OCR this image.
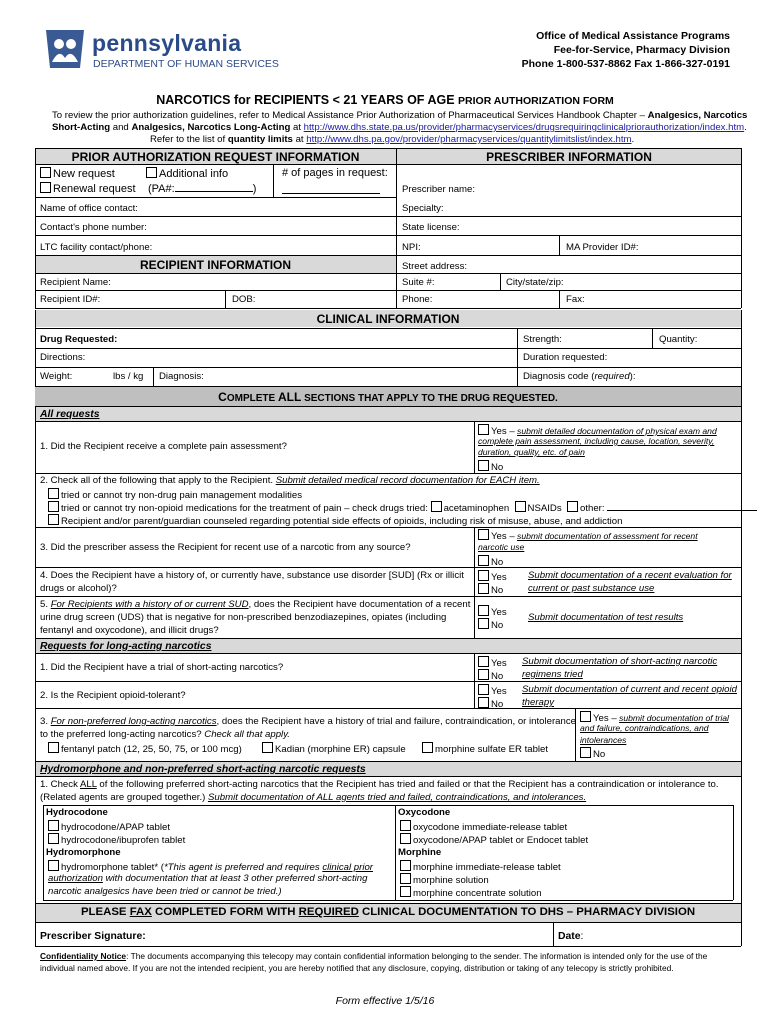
pennsylvania
DEPARTMENT OF HUMAN SERVICES
Office of Medical Assistance Programs
Fee-for-Service, Pharmacy Division
Phone 1-800-537-8862 Fax 1-866-327-0191
NARCOTICS for RECIPIENTS < 21 YEARS OF AGE PRIOR AUTHORIZATION FORM
To review the prior authorization guidelines, refer to Medical Assistance Prior Authorization of Pharmaceutical Services Handbook Chapter – Analgesics, Narcotics
Short-Acting and Analgesics, Narcotics Long-Acting at http://www.dhs.state.pa.us/provider/pharmacyservices/drugsrequiringclinicalpriorauthorization/index.htm.
Refer to the list of quantity limits at http://www.dhs.pa.gov/provider/pharmacyservices/quantitylimitslist/index.htm.
PRIOR AUTHORIZATION REQUEST INFORMATION	PRESCRIBER INFORMATION
New request	Additional info	# of pages in request:
Renewal request (PA#:	)
Name of office contact:
Contact's phone number:
LTC facility contact/phone:
RECIPIENT INFORMATION
Recipient Name:
Recipient ID#:	DOB:
Prescriber name:
Specialty:
State license:
NPI:	MA Provider ID#:
Street address:
Suite #:	City/state/zip:
Phone:	Fax:
CLINICAL INFORMATION
Drug Requested:	Strength:	Quantity:
Directions:	Duration requested:
Weight:	lbs / kg Diagnosis:	Diagnosis code (required):
COMPLETE ALL SECTIONS THAT APPLY TO THE DRUG REQUESTED.
All requests
1. Did the Recipient receive a complete pain assessment?
Yes – submit detailed documentation of physical exam and
complete pain assessment, including cause, location, severity,
duration, quality, etc. of pain
No
2. Check all of the following that apply to the Recipient. Submit detailed medical record documentation for EACH item.
tried or cannot try non-drug pain management modalities
tried or cannot try non-opioid medications for the treatment of pain – check drugs tried: acetaminophen NSAIDs other:
Recipient and/or parent/guardian counseled regarding potential side effects of opioids, including risk of misuse, abuse, and addiction
3. Did the prescriber assess the Recipient for recent use of a narcotic from any source?
Yes – submit documentation of assessment for recent
narcotic use
No
4. Does the Recipient have a history of, or currently have, substance use disorder [SUD] (Rx or illicit
drugs or alcohol)?
Yes
No
Submit documentation of a recent evaluation for
current or past substance use
5. For Recipients with a history of or current SUD, does the Recipient have documentation of a recent
urine drug screen (UDS) that is negative for non-prescribed benzodiazepines, opiates (including
fentanyl and oxycodone), and illicit drugs?
Yes
No
Submit documentation of test results
Requests for long-acting narcotics
1. Did the Recipient have a trial of short-acting narcotics?	Yes
No
Submit documentation of short-acting narcotic
regimens tried
2. Is the Recipient opioid-tolerant?	Yes
No
Submit documentation of current and recent opioid
therapy
3. For non-preferred long-acting narcotics, does the Recipient have a history of trial and failure, contraindication, or intolerance
to the preferred long-acting narcotics? Check all that apply.
fentanyl patch (12, 25, 50, 75, or 100 mcg)	Kadian (morphine ER) capsule	morphine sulfate ER tablet
Yes – submit documentation of trial
and failure, contraindications, and
intolerances
No
Hydromorphone and non-preferred short-acting narcotic requests
1. Check ALL of the following preferred short-acting narcotics that the Recipient has tried and failed or that the Recipient has a contraindication or intolerance to.
(Related agents are grouped together.) Submit documentation of ALL agents tried and failed, contraindications, and intolerances.
Hydrocodone
hydrocodone/APAP tablet
hydrocodone/ibuprofen tablet
Hydromorphone
hydromorphone tablet* (*This agent is preferred and requires clinical prior
authorization with documentation that at least 3 other preferred short-acting
narcotic analgesics have been tried or cannot be tried.)
Oxycodone
oxycodone immediate-release tablet
oxycodone/APAP tablet or Endocet tablet
Morphine
morphine immediate-release tablet
morphine solution
morphine concentrate solution
PLEASE FAX COMPLETED FORM WITH REQUIRED CLINICAL DOCUMENTATION TO DHS – PHARMACY DIVISION
Prescriber Signature:	Date:
Confidentiality Notice: The documents accompanying this telecopy may contain confidential information belonging to the sender. The information is intended only for the use of the
individual named above. If you are not the intended recipient, you are hereby notified that any disclosure, copying, distribution or taking of any telecopy is strictly prohibited.
Form effective 1/5/16
